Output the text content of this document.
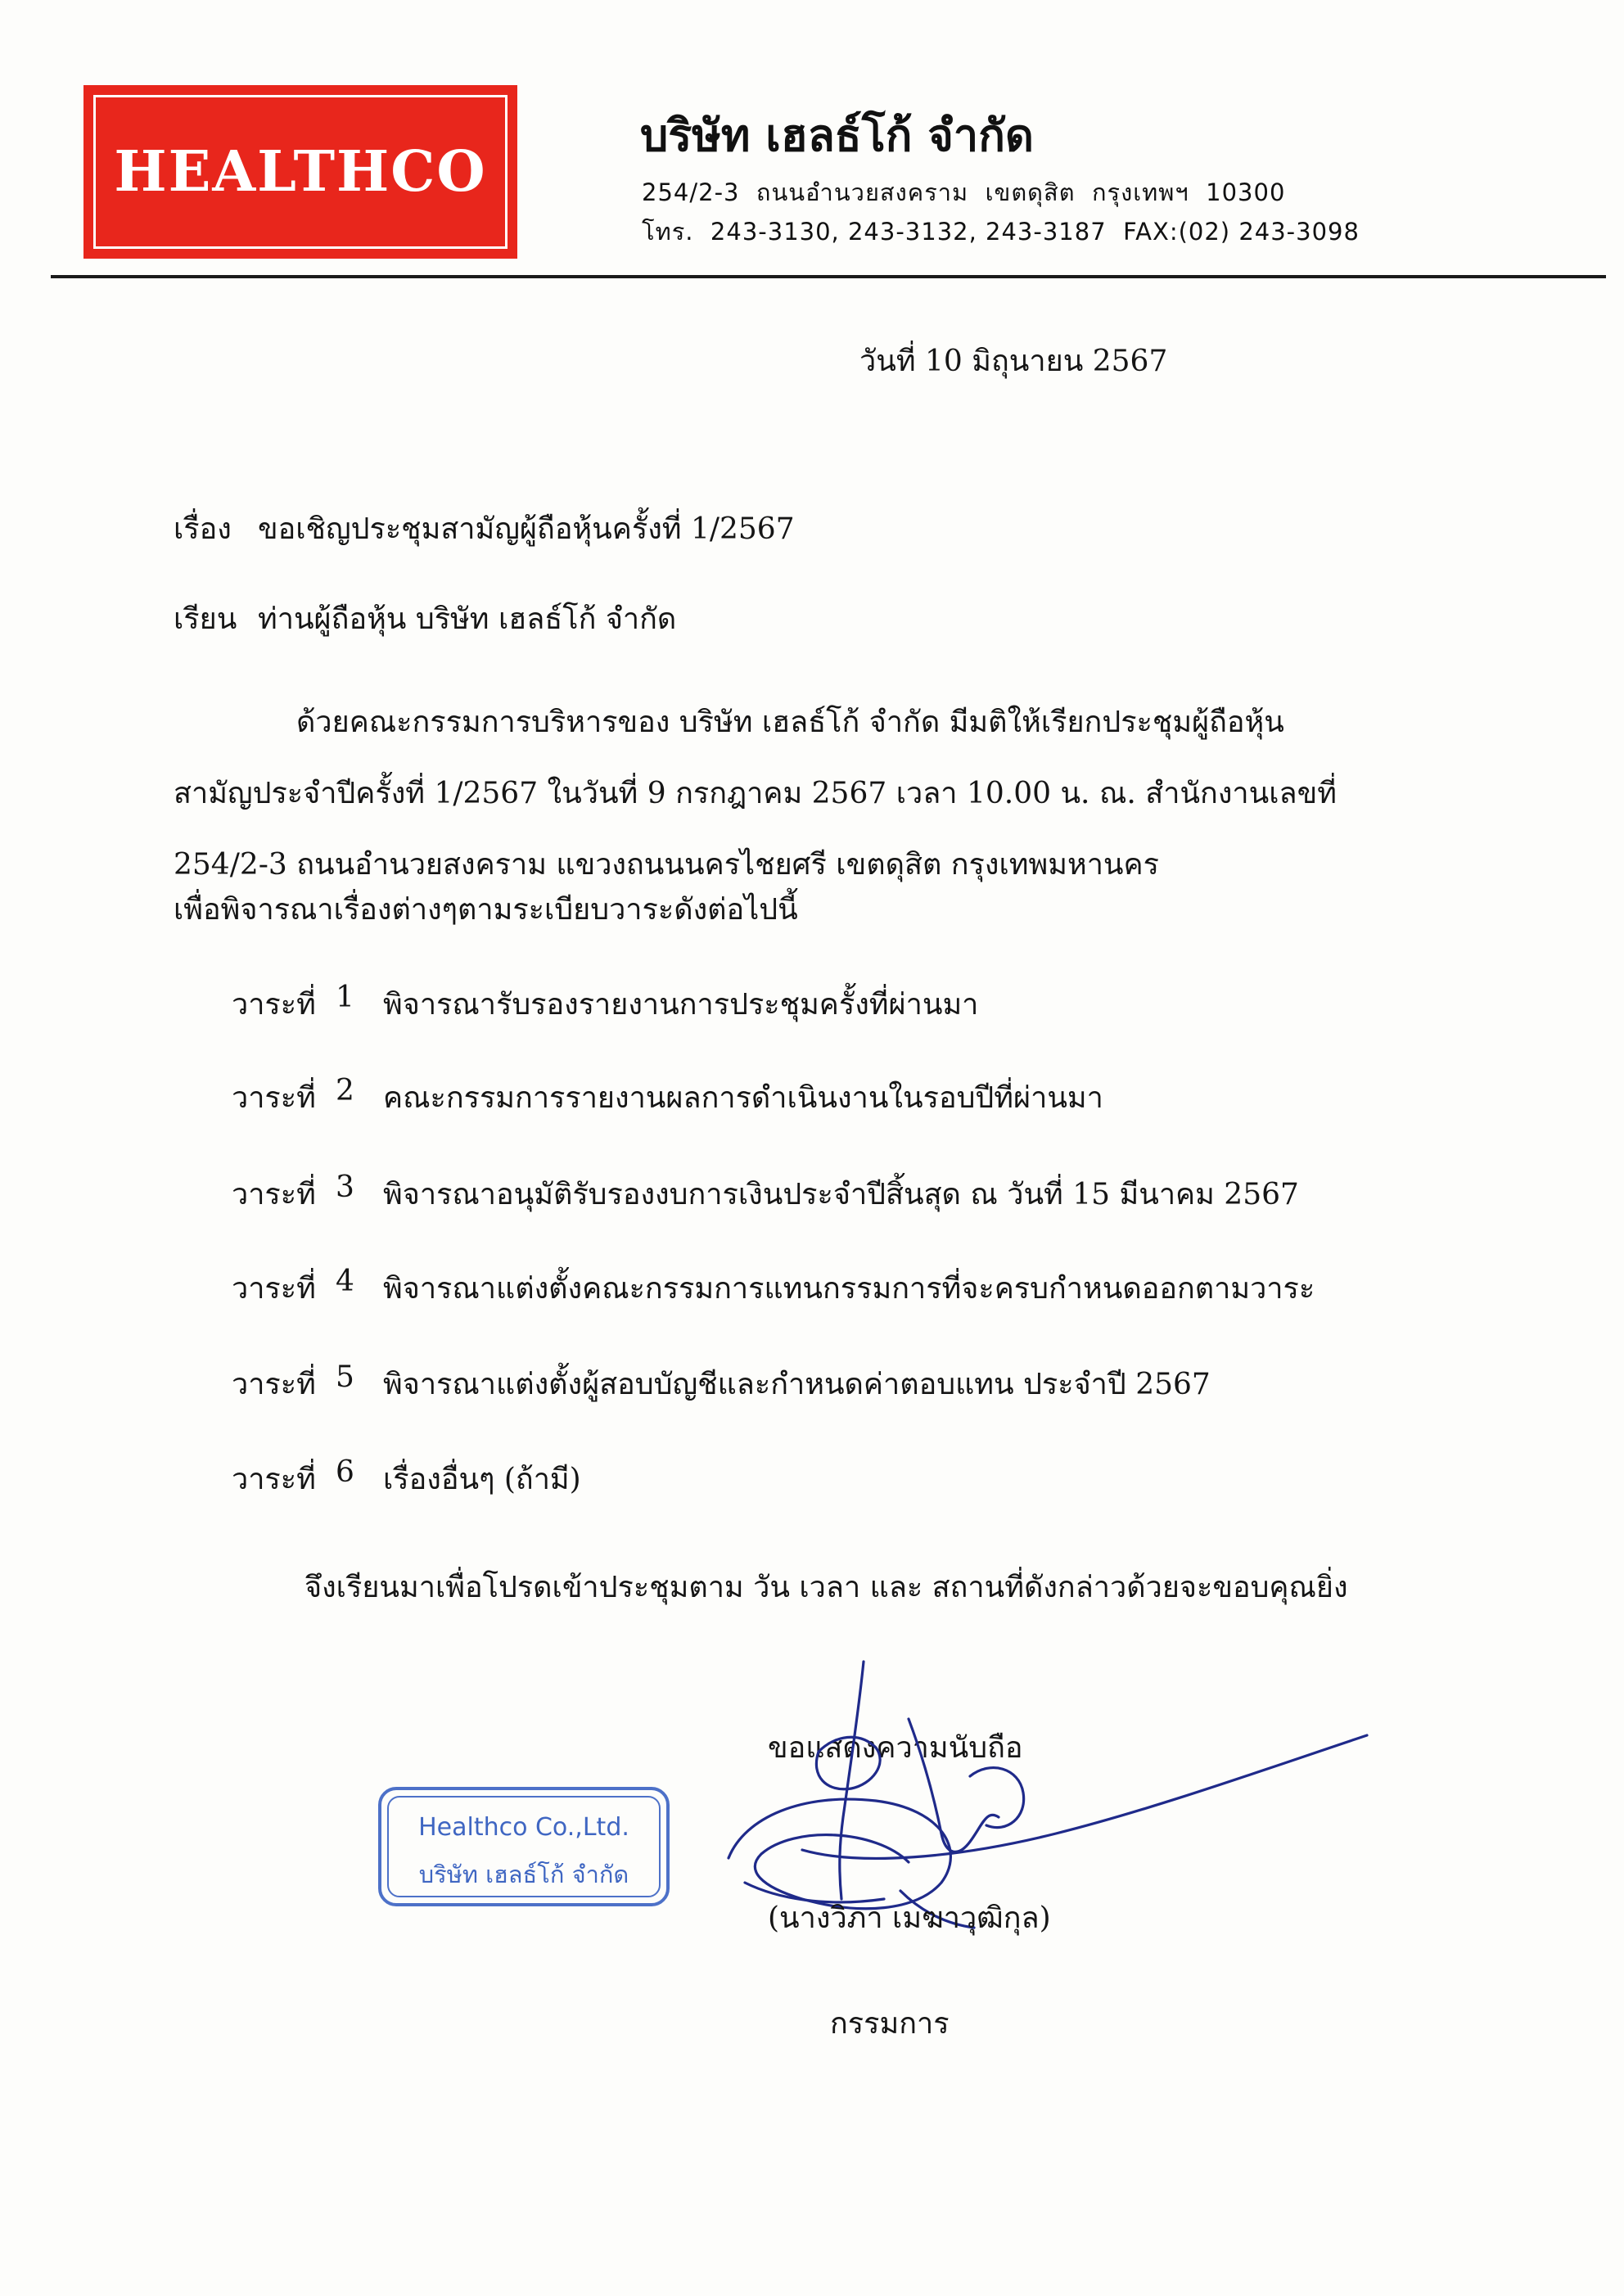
HEALTHCO
บริษัท เฮลธ์โก้ จำกัด
254/2-3  ถนนอำนวยสงคราม  เขตดุสิต  กรุงเทพฯ  10300
โทร.  243-3130, 243-3132, 243-3187  FAX:(02) 243-3098
วันที่ 10 มิถุนายน 2567
เรื่อง ขอเชิญประชุมสามัญผู้ถือหุ้นครั้งที่ 1/2567
เรียน ท่านผู้ถือหุ้น บริษัท เฮลธ์โก้ จำกัด
ด้วยคณะกรรมการบริหารของ บริษัท เฮลธ์โก้ จำกัด มีมติให้เรียกประชุมผู้ถือหุ้น
สามัญประจำปีครั้งที่ 1/2567 ในวันที่ 9 กรกฎาคม 2567 เวลา 10.00 น. ณ. สำนักงานเลขที่
254/2-3 ถนนอำนวยสงคราม แขวงถนนนครไชยศรี เขตดุสิต กรุงเทพมหานคร
เพื่อพิจารณาเรื่องต่างๆตามระเบียบวาระดังต่อไปนี้
วาระที่ 1 พิจารณารับรองรายงานการประชุมครั้งที่ผ่านมา
วาระที่ 2 คณะกรรมการรายงานผลการดำเนินงานในรอบปีที่ผ่านมา
วาระที่ 3 พิจารณาอนุมัติรับรองงบการเงินประจำปีสิ้นสุด ณ วันที่ 15 มีนาคม 2567
วาระที่ 4 พิจารณาแต่งตั้งคณะกรรมการแทนกรรมการที่จะครบกำหนดออกตามวาระ
วาระที่ 5 พิจารณาแต่งตั้งผู้สอบบัญชีและกำหนดค่าตอบแทน ประจำปี 2567
วาระที่ 6 เรื่องอื่นๆ (ถ้ามี)
จึงเรียนมาเพื่อโปรดเข้าประชุมตาม วัน เวลา และ สถานที่ดังกล่าวด้วยจะขอบคุณยิ่ง
ขอแสดงความนับถือ
Healthco Co.,Ltd.
บริษัท เฮลธ์โก้ จำกัด
(นางวิภา เมฆาวุฒิกุล)
กรรมการ
